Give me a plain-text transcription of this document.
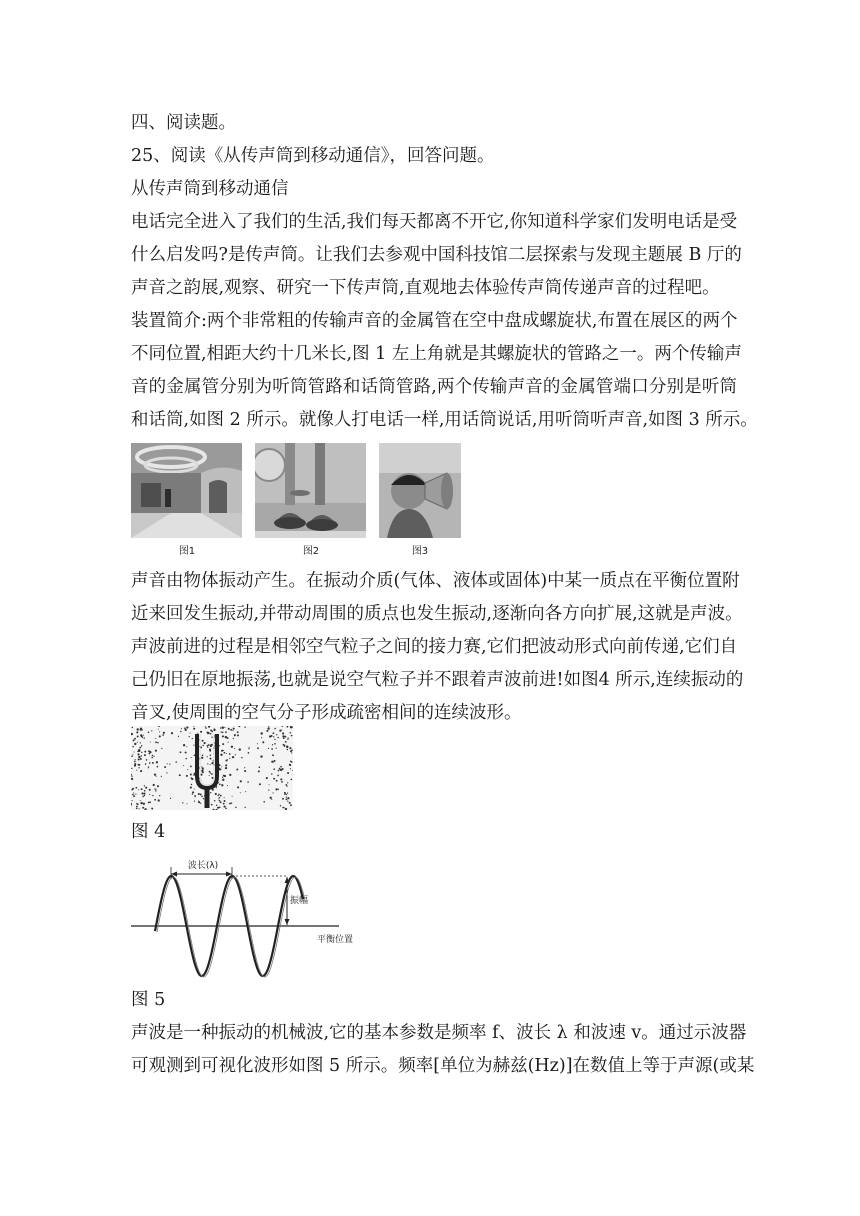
四、阅读题。

25、阅读《从传声筒到移动通信》，回答问题。

从传声筒到移动通信

电话完全进入了我们的生活,我们每天都离不开它,你知道科学家们发明电话是受

什么启发吗?是传声筒。让我们去参观中国科技馆二层探索与发现主题展 B 厅的

声音之韵展,观察、研究一下传声筒,直观地去体验传声筒传递声音的过程吧。

装置简介:两个非常粗的传输声音的金属管在空中盘成螺旋状,布置在展区的两个

不同位置,相距大约十几米长,图 1 左上角就是其螺旋状的管路之一。两个传输声

音的金属管分别为听筒管路和话筒管路,两个传输声音的金属管端口分别是听筒

和话筒,如图 2 所示。就像人打电话一样,用话筒说话,用听筒听声音,如图 3 所示。

图1	图2	图3

声音由物体振动产生。在振动介质(气体、液体或固体)中某一质点在平衡位置附

近来回发生振动,并带动周围的质点也发生振动,逐渐向各方向扩展,这就是声波。

声波前进的过程是相邻空气粒子之间的接力赛,它们把波动形式向前传递,它们自

己仍旧在原地振荡,也就是说空气粒子并不跟着声波前进!如图4 所示,连续振动的

音叉,使周围的空气分子形成疏密相间的连续波形。

图 4

波长(λ)
振幅
平衡位置

图 5

声波是一种振动的机械波,它的基本参数是频率 f、波长 λ 和波速 v。通过示波器

可观测到可视化波形如图 5 所示。频率[单位为赫兹(Hz)]在数值上等于声源(或某
